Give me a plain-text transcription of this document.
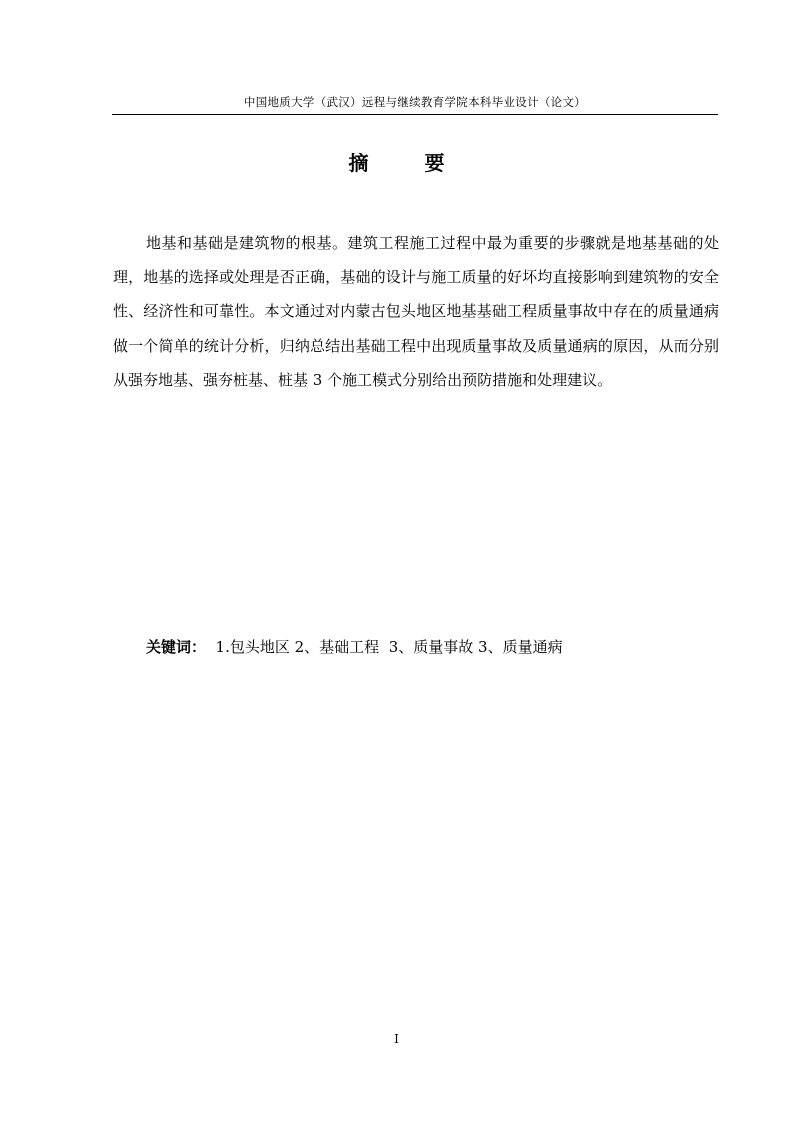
中国地质大学（武汉）远程与继续教育学院本科毕业设计（论文）
摘	要

地基和基础是建筑物的根基。建筑工程施工过程中最为重要的步骤就是地基基础的处理，地基的选择或处理是否正确，基础的设计与施工质量的好坏均直接影响到建筑物的安全性、经济性和可靠性。本文通过对内蒙古包头地区地基基础工程质量事故中存在的质量通病做一个简单的统计分析，归纳总结出基础工程中出现质量事故及质量通病的原因，从而分别从强夯地基、强夯桩基、桩基 3 个施工模式分别给出预防措施和处理建议。

关键词：  1.包头地区 2、基础工程  3、质量事故 3、质量通病
I
